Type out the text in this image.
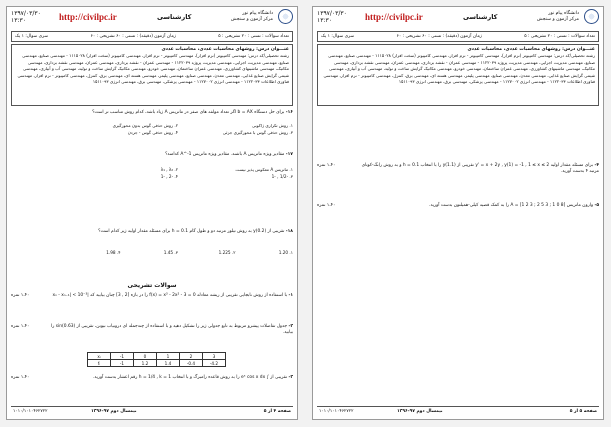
۱۳۹۷/۰۳/۳۰
۱۳:۳۰	http://civilpc.ir	کارشناسی	دانشگاه پیام نور
مرکز آزمون و سنجش
تعداد سوالات : تستی : ۲۰ تشریحی : ۵
زمان آزمون (دقیقه) : تستی : ۶۰ تشریحی : ۶۰
سری سوال: ۱ یک
عنـــوان درس: روشهای محاسبات عددی، محاسبات عددی
رشته تحصیلی/کد درس: مهندسی کامپیوتر (نرم افزار)، مهندسی کامپیوتر - نرم افزار، مهندسی کامپیوتر (سخت افزار) ۱۱۱۵۰۲۸ - مهندسی صنایع، مهندسی صنایع، مهندسی مدیریت اجرایی، مهندسی مدیریت پروژه ۱۱۲۲۰۳۹ - مهندسی عمران - نقشه برداری، مهندسی عمران، مهندسی نقشه برداری، مهندسی مکانیک، مهندسی ماشینهای کشاورزی، مهندسی عمران ساختمان، مهندسی خودرو، مهندسی مکانیک گرایش ساخت و تولید، مهندسی آب و آبیاری، مهندسی شیمی گرایش صنایع غذایی، مهندسی معدن، مهندسی صنایع، مهندسی پلیمر، مهندسی هسته ای، مهندسی برق، کنترل، مهندسی کامپیوتر - نرم افزار، مهندسی فناوری اطلاعات ۱۱۲۲۰۳۳ - مهندسی انرژی ۱۱۲۷۰۰۲ - مهندسی پزشکی، مهندسی برق، مهندسی انرژی ۱۵۱۱۰۹۳
۱۶- برای حل دستگاه b = AX اگر تعداد مولفه های صفر در ماتریس A زیاد باشد، کدام روش مناسب تر است؟
۱. روش تکراری ژاکوبی
۲. روش حذفی گوس بدون محورگیری
۳. روش حذفی گوس با محورگیری جزئی
۴. روش حذفی گوس - جردن
۱۷- مقادیر ویژه ماتریس A باشند. مقادیر ویژه ماتریس A^-1 کدامند؟
۱. ماتریس A معکوس پذیر نیست
۲. λ₁ , λ₂
۳. -1/2 , -1
۴. -2 , -1
۱۸- تقریبی از (0.2)y به روش تیلور مرتبه دو و طول گام h = 0.1 برای مسئله مقدار اولیه زیر کدام است؟
۱. 1.20
۲. 1.225
۳. 1.45
۴. 1.98
سوالات تشریحی
۱- با استفاده از روش نابجایی تقریبی از ریشه معادله f(x) = x³ - 2x² - 3 = 0 را در بازه [2 , 3] چنان بیابید که |xₙ - xₙ₋₁| < 10⁻³
۱،۴۰ نمره
۲- جدول تفاضلات پیشرو مربوط به تابع جدولی زیر را تشکیل دهید و با استفاده از چندجمله ای درونیاب نیوتن، تقریبی از sin(0.63) را بیابید.
۱،۴۰ نمره
xᵢ	-1	0	1	2	3
fᵢ	-1	1.2	1.4	-0.4	-4.2
۳- تقریبی از ∫ eˣ cos x dx را به روش قاعده رامبرگ و با انتخاب h = 1/4 , k = 1 رقم اعشار بدست آورید.
۱،۴۰ نمره
صفحه ۴ از ۵
نیمسال دوم ۹۷-۱۳۹۶
۱۰۱۰/۱۰۱۰۴۶۲۷۲۲
۱۳۹۷/۰۳/۳۰
۱۳:۳۰	http://civilpc.ir	کارشناسی	دانشگاه پیام نور
مرکز آزمون و سنجش
تعداد سوالات : تستی : ۲۰ تشریحی : ۵
زمان آزمون (دقیقه) : تستی : ۶۰ تشریحی : ۶۰
سری سوال: ۱ یک
عنـــوان درس: روشهای محاسبات عددی، محاسبات عددی
رشته تحصیلی/کد درس: مهندسی کامپیوتر (نرم افزار)، مهندسی کامپیوتر - نرم افزار، مهندسی کامپیوتر (سخت افزار) ۱۱۱۵۰۲۸ - مهندسی صنایع، مهندسی صنایع، مهندسی مدیریت اجرایی، مهندسی مدیریت پروژه ۱۱۲۲۰۳۹ - مهندسی عمران - نقشه برداری، مهندسی عمران، مهندسی نقشه برداری، مهندسی مکانیک، مهندسی ماشینهای کشاورزی، مهندسی عمران ساختمان، مهندسی خودرو، مهندسی مکانیک گرایش ساخت و تولید، مهندسی آب و آبیاری، مهندسی شیمی گرایش صنایع غذایی، مهندسی معدن، مهندسی صنایع، مهندسی پلیمر، مهندسی هسته ای، مهندسی برق، کنترل، مهندسی کامپیوتر - نرم افزار، مهندسی فناوری اطلاعات ۱۱۲۲۰۳۳ - مهندسی انرژی ۱۱۲۷۰۰۲ - مهندسی پزشکی، مهندسی برق، مهندسی انرژی ۱۵۱۱۰۹۳
۴- برای مسئله مقدار اولیه y' = x + 2y , y(1) = -1 , 1 ≤ x ≤ 2 تقریبی از y(1.1) را با انتخاب h = 0.1 و به روش رانگ-کوتای مرتبه ۴ بدست آورید.
۱،۴۰ نمره
۵- وارون ماتریس A = [1 2 3 ; 2 5 3 ; 1 0 8] را به کمک قضیه کیلی-همیلتون بدست آورید.
۱،۴۰ نمره
صفحه ۵ از ۵
نیمسال دوم ۹۷-۱۳۹۶
۱۰۱۰/۱۰۱۰۴۶۲۷۲۲
